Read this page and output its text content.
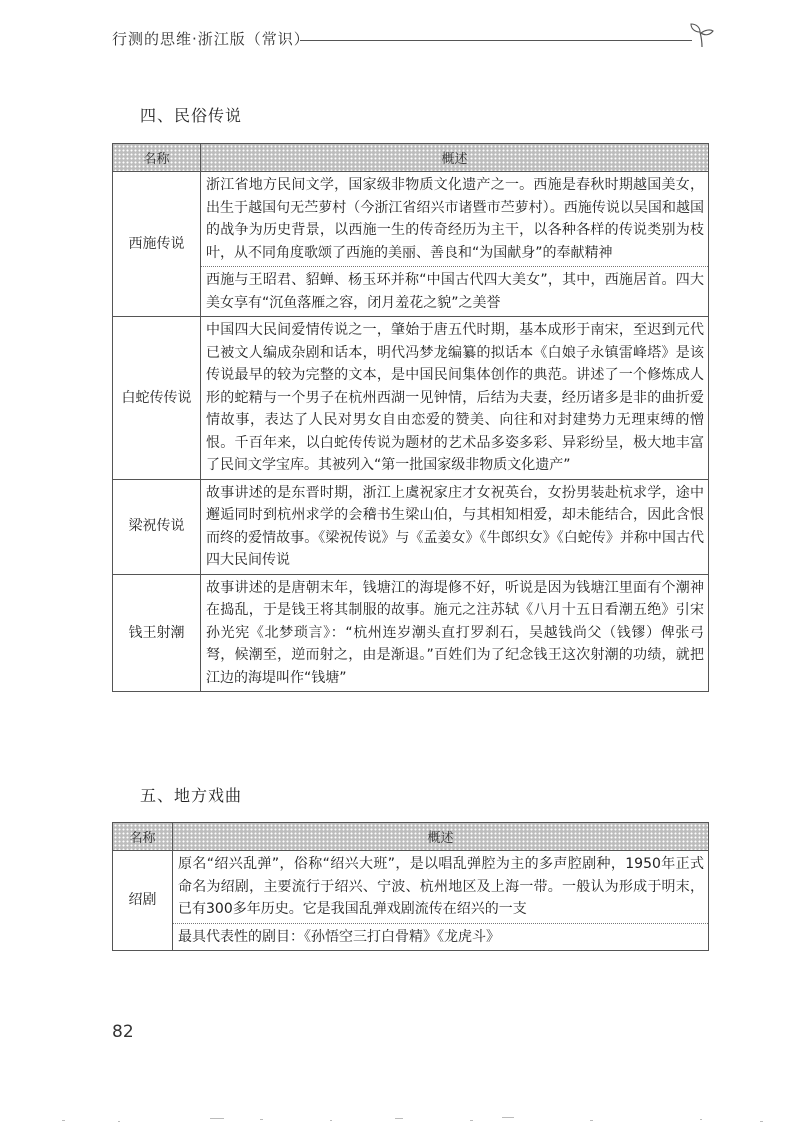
行测的思维·浙江版（常识）
四、民俗传说
名称	概述
西施传说	浙江省地方民间文学，国家级非物质文化遗产之一。西施是春秋时期越国美女，出生于越国句无苎萝村（今浙江省绍兴市诸暨市苎萝村）。西施传说以吴国和越国的战争为历史背景，以西施一生的传奇经历为主干，以各种各样的传说类别为枝叶，从不同角度歌颂了西施的美丽、善良和“为国献身”的奉献精神
	西施与王昭君、貂蝉、杨玉环并称“中国古代四大美女”，其中，西施居首。四大美女享有“沉鱼落雁之容，闭月羞花之貌”之美誉
白蛇传传说	中国四大民间爱情传说之一，肇始于唐五代时期，基本成形于南宋，至迟到元代已被文人编成杂剧和话本，明代冯梦龙编纂的拟话本《白娘子永镇雷峰塔》是该传说最早的较为完整的文本，是中国民间集体创作的典范。讲述了一个修炼成人形的蛇精与一个男子在杭州西湖一见钟情，后结为夫妻，经历诸多是非的曲折爱情故事，表达了人民对男女自由恋爱的赞美、向往和对封建势力无理束缚的憎恨。千百年来，以白蛇传传说为题材的艺术品多姿多彩、异彩纷呈，极大地丰富了民间文学宝库。其被列入“第一批国家级非物质文化遗产”
梁祝传说	故事讲述的是东晋时期，浙江上虞祝家庄才女祝英台，女扮男装赴杭求学，途中邂逅同时到杭州求学的会稽书生梁山伯，与其相知相爱，却未能结合，因此含恨而终的爱情故事。《梁祝传说》与《孟姜女》《牛郎织女》《白蛇传》并称中国古代四大民间传说
钱王射潮	故事讲述的是唐朝末年，钱塘江的海堤修不好，听说是因为钱塘江里面有个潮神在捣乱，于是钱王将其制服的故事。施元之注苏轼《八月十五日看潮五绝》引宋孙光宪《北梦琐言》：“杭州连岁潮头直打罗刹石，吴越钱尚父（钱镠）俾张弓弩，候潮至，逆而射之，由是渐退。”百姓们为了纪念钱王这次射潮的功绩，就把江边的海堤叫作“钱塘”
五、地方戏曲
名称	概述
绍剧	原名“绍兴乱弹”，俗称“绍兴大班”，是以唱乱弹腔为主的多声腔剧种，1950年正式命名为绍剧，主要流行于绍兴、宁波、杭州地区及上海一带。一般认为形成于明末，已有300多年历史。它是我国乱弹戏剧流传在绍兴的一支
	最具代表性的剧目：《孙悟空三打白骨精》《龙虎斗》
82
